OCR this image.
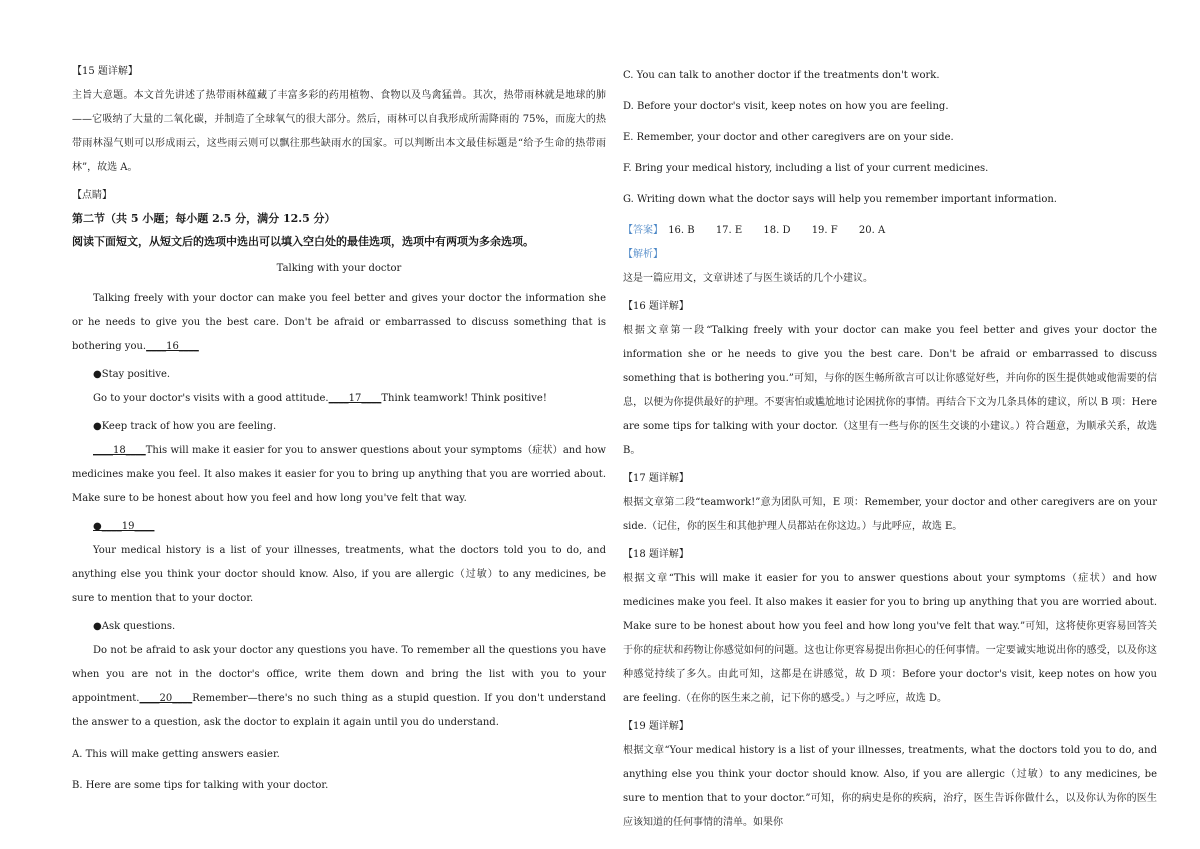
【15 题详解】

主旨大意题。本文首先讲述了热带雨林蕴藏了丰富多彩的药用植物、食物以及鸟禽猛兽。其次，热带雨林就是地球的肺——它吸纳了大量的二氧化碳，并制造了全球氧气的很大部分。然后，雨林可以自我形成所需降雨的 75%，而庞大的热带雨林湿气则可以形成雨云，这些雨云则可以飘往那些缺雨水的国家。可以判断出本文最佳标题是“给予生命的热带雨林”，故选 A。

【点睛】

第二节（共 5 小题；每小题 2.5 分，满分 12.5 分）

阅读下面短文，从短文后的选项中选出可以填入空白处的最佳选项，选项中有两项为多余选项。

Talking with your doctor

Talking freely with your doctor can make you feel better and gives your doctor the information she or he needs to give you the best care. Don't be afraid or embarrassed to discuss something that is bothering you.____16____

●Stay positive.

Go to your doctor's visits with a good attitude.____17____Think teamwork! Think positive!

●Keep track of how you are feeling.

____18____This will make it easier for you to answer questions about your symptoms（症状）and how medicines make you feel. It also makes it easier for you to bring up anything that you are worried about. Make sure to be honest about how you feel and how long you've felt that way.

●____19____

Your medical history is a list of your illnesses, treatments, what the doctors told you to do, and anything else you think your doctor should know. Also, if you are allergic（过敏）to any medicines, be sure to mention that to your doctor.

●Ask questions.

Do not be afraid to ask your doctor any questions you have. To remember all the questions you have when you are not in the doctor's office, write them down and bring the list with you to your appointment.____20____Remember—there's no such thing as a stupid question. If you don't understand the answer to a question, ask the doctor to explain it again until you do understand.

A. This will make getting answers easier.

B. Here are some tips for talking with your doctor.

C. You can talk to another doctor if the treatments don't work.

D. Before your doctor's visit, keep notes on how you are feeling.

E. Remember, your doctor and other caregivers are on your side.

F. Bring your medical history, including a list of your current medicines.

G. Writing down what the doctor says will help you remember important information.

【答案】 16. B 17. E 18. D 19. F 20. A

【解析】

这是一篇应用文，文章讲述了与医生谈话的几个小建议。

【16 题详解】

根据文章第一段“Talking freely with your doctor can make you feel better and gives your doctor the information she or he needs to give you the best care. Don't be afraid or embarrassed to discuss something that is bothering you.”可知，与你的医生畅所欲言可以让你感觉好些，并向你的医生提供她或他需要的信息，以便为你提供最好的护理。不要害怕或尴尬地讨论困扰你的事情。再结合下文为几条具体的建议，所以 B 项：Here are some tips for talking with your doctor.（这里有一些与你的医生交谈的小建议。）符合题意，为顺承关系，故选 B。

【17 题详解】

根据文章第二段“teamwork!”意为团队可知，E 项：Remember, your doctor and other caregivers are on your side.（记住，你的医生和其他护理人员都站在你这边。）与此呼应，故选 E。

【18 题详解】

根据文章“This will make it easier for you to answer questions about your symptoms（症状）and how medicines make you feel. It also makes it easier for you to bring up anything that you are worried about. Make sure to be honest about how you feel and how long you've felt that way.”可知，这将使你更容易回答关于你的症状和药物让你感觉如何的问题。这也让你更容易提出你担心的任何事情。一定要诚实地说出你的感受，以及你这种感觉持续了多久。由此可知，这都是在讲感觉，故 D 项：Before your doctor's visit, keep notes on how you are feeling.（在你的医生来之前，记下你的感受。）与之呼应，故选 D。

【19 题详解】

根据文章“Your medical history is a list of your illnesses, treatments, what the doctors told you to do, and anything else you think your doctor should know. Also, if you are allergic（过敏）to any medicines, be sure to mention that to your doctor.”可知，你的病史是你的疾病，治疗，医生告诉你做什么，以及你认为你的医生应该知道的任何事情的清单。如果你
